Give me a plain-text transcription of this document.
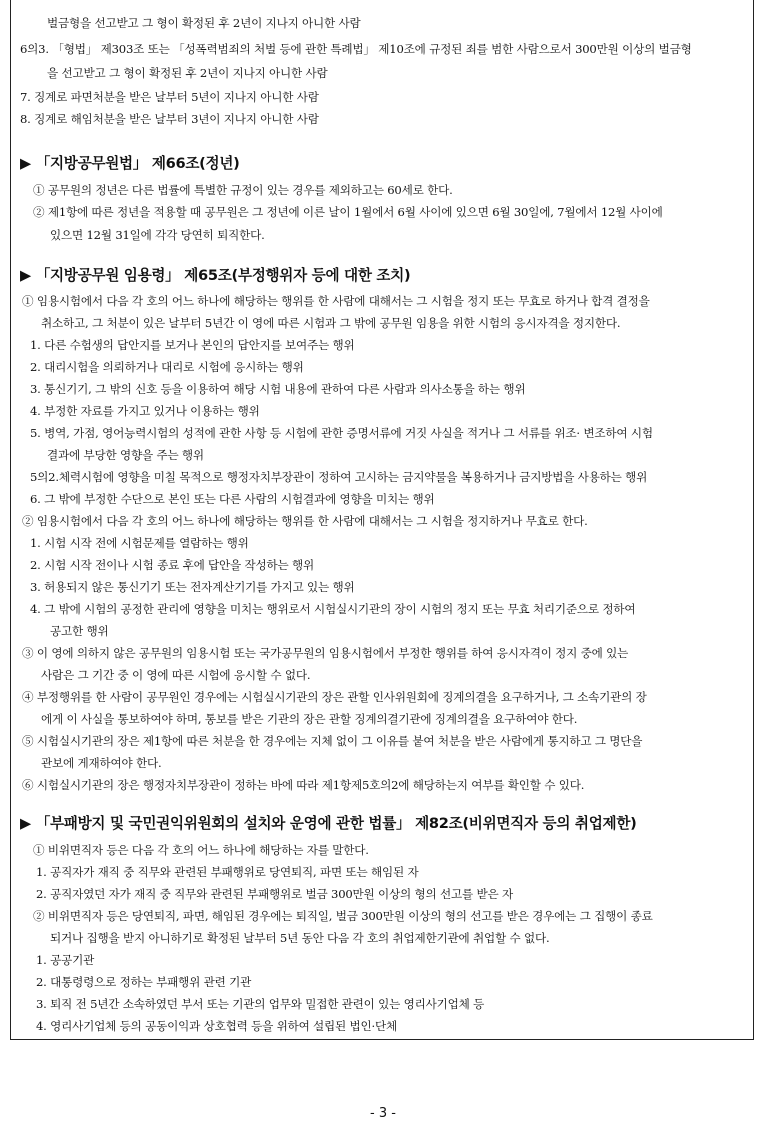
벌금형을 선고받고 그 형이 확정된 후 2년이 지나지 아니한 사람
6의3. 「형법」 제303조 또는 「성폭력범죄의 처벌 등에 관한 특례법」 제10조에 규정된 죄를 범한 사람으로서 300만원 이상의 벌금형
을 선고받고 그 형이 확정된 후 2년이 지나지 아니한 사람
7. 징계로 파면처분을 받은 날부터 5년이 지나지 아니한 사람
8. 징계로 해임처분을 받은 날부터 3년이 지나지 아니한 사람
▶ 「지방공무원법」 제66조(정년)
① 공무원의 정년은 다른 법률에 특별한 규정이 있는 경우를 제외하고는 60세로 한다.
② 제1항에 따른 정년을 적용할 때 공무원은 그 정년에 이른 날이 1월에서 6월 사이에 있으면 6월 30일에, 7월에서 12월 사이에
있으면 12월 31일에 각각 당연히 퇴직한다.
▶ 「지방공무원 임용령」 제65조(부정행위자 등에 대한 조치)
① 임용시험에서 다음 각 호의 어느 하나에 해당하는 행위를 한 사람에 대해서는 그 시험을 정지 또는 무효로 하거나 합격 결정을
취소하고, 그 처분이 있은 날부터 5년간 이 영에 따른 시험과 그 밖에 공무원 임용을 위한 시험의 응시자격을 정지한다.
1. 다른 수험생의 답안지를 보거나 본인의 답안지를 보여주는 행위
2. 대리시험을 의뢰하거나 대리로 시험에 응시하는 행위
3. 통신기기, 그 밖의 신호 등을 이용하여 해당 시험 내용에 관하여 다른 사람과 의사소통을 하는 행위
4. 부정한 자료를 가지고 있거나 이용하는 행위
5. 병역, 가점, 영어능력시험의 성적에 관한 사항 등 시험에 관한 증명서류에 거짓 사실을 적거나 그 서류를 위조· 변조하여 시험
결과에 부당한 영향을 주는 행위
5의2.체력시험에 영향을 미칠 목적으로 행정자치부장관이 정하여 고시하는 금지약물을 복용하거나 금지방법을 사용하는 행위
6. 그 밖에 부정한 수단으로 본인 또는 다른 사람의 시험결과에 영향을 미치는 행위
② 임용시험에서 다음 각 호의 어느 하나에 해당하는 행위를 한 사람에 대해서는 그 시험을 정지하거나 무효로 한다.
1. 시험 시작 전에 시험문제를 열람하는 행위
2. 시험 시작 전이나 시험 종료 후에 답안을 작성하는 행위
3. 허용되지 않은 통신기기 또는 전자계산기기를 가지고 있는 행위
4. 그 밖에 시험의 공정한 관리에 영향을 미치는 행위로서 시험실시기관의 장이 시험의 정지 또는 무효 처리기준으로 정하여
공고한 행위
③ 이 영에 의하지 않은 공무원의 임용시험 또는 국가공무원의 임용시험에서 부정한 행위를 하여 응시자격이 정지 중에 있는
사람은 그 기간 중 이 영에 따른 시험에 응시할 수 없다.
④ 부정행위를 한 사람이 공무원인 경우에는 시험실시기관의 장은 관할 인사위원회에 징계의결을 요구하거나, 그 소속기관의 장
에게 이 사실을 통보하여야 하며, 통보를 받은 기관의 장은 관할 징계의결기관에 징계의결을 요구하여야 한다.
⑤ 시험실시기관의 장은 제1항에 따른 처분을 한 경우에는 지체 없이 그 이유를 붙여 처분을 받은 사람에게 통지하고 그 명단을
관보에 게재하여야 한다.
⑥ 시험실시기관의 장은 행정자치부장관이 정하는 바에 따라 제1항제5호의2에 해당하는지 여부를 확인할 수 있다.
▶ 「부패방지 및 국민권익위원회의 설치와 운영에 관한 법률」 제82조(비위면직자 등의 취업제한)
① 비위면직자 등은 다음 각 호의 어느 하나에 해당하는 자를 말한다.
1. 공직자가 재직 중 직무와 관련된 부패행위로 당연퇴직, 파면 또는 해임된 자
2. 공직자였던 자가 재직 중 직무와 관련된 부패행위로 벌금 300만원 이상의 형의 선고를 받은 자
② 비위면직자 등은 당연퇴직, 파면, 해임된 경우에는 퇴직일, 벌금 300만원 이상의 형의 선고를 받은 경우에는 그 집행이 종료
되거나 집행을 받지 아니하기로 확정된 날부터 5년 동안 다음 각 호의 취업제한기관에 취업할 수 없다.
1. 공공기관
2. 대통령령으로 정하는 부패행위 관련 기관
3. 퇴직 전 5년간 소속하였던 부서 또는 기관의 업무와 밀접한 관련이 있는 영리사기업체 등
4. 영리사기업체 등의 공동이익과 상호협력 등을 위하여 설립된 법인·단체
- 3 -
